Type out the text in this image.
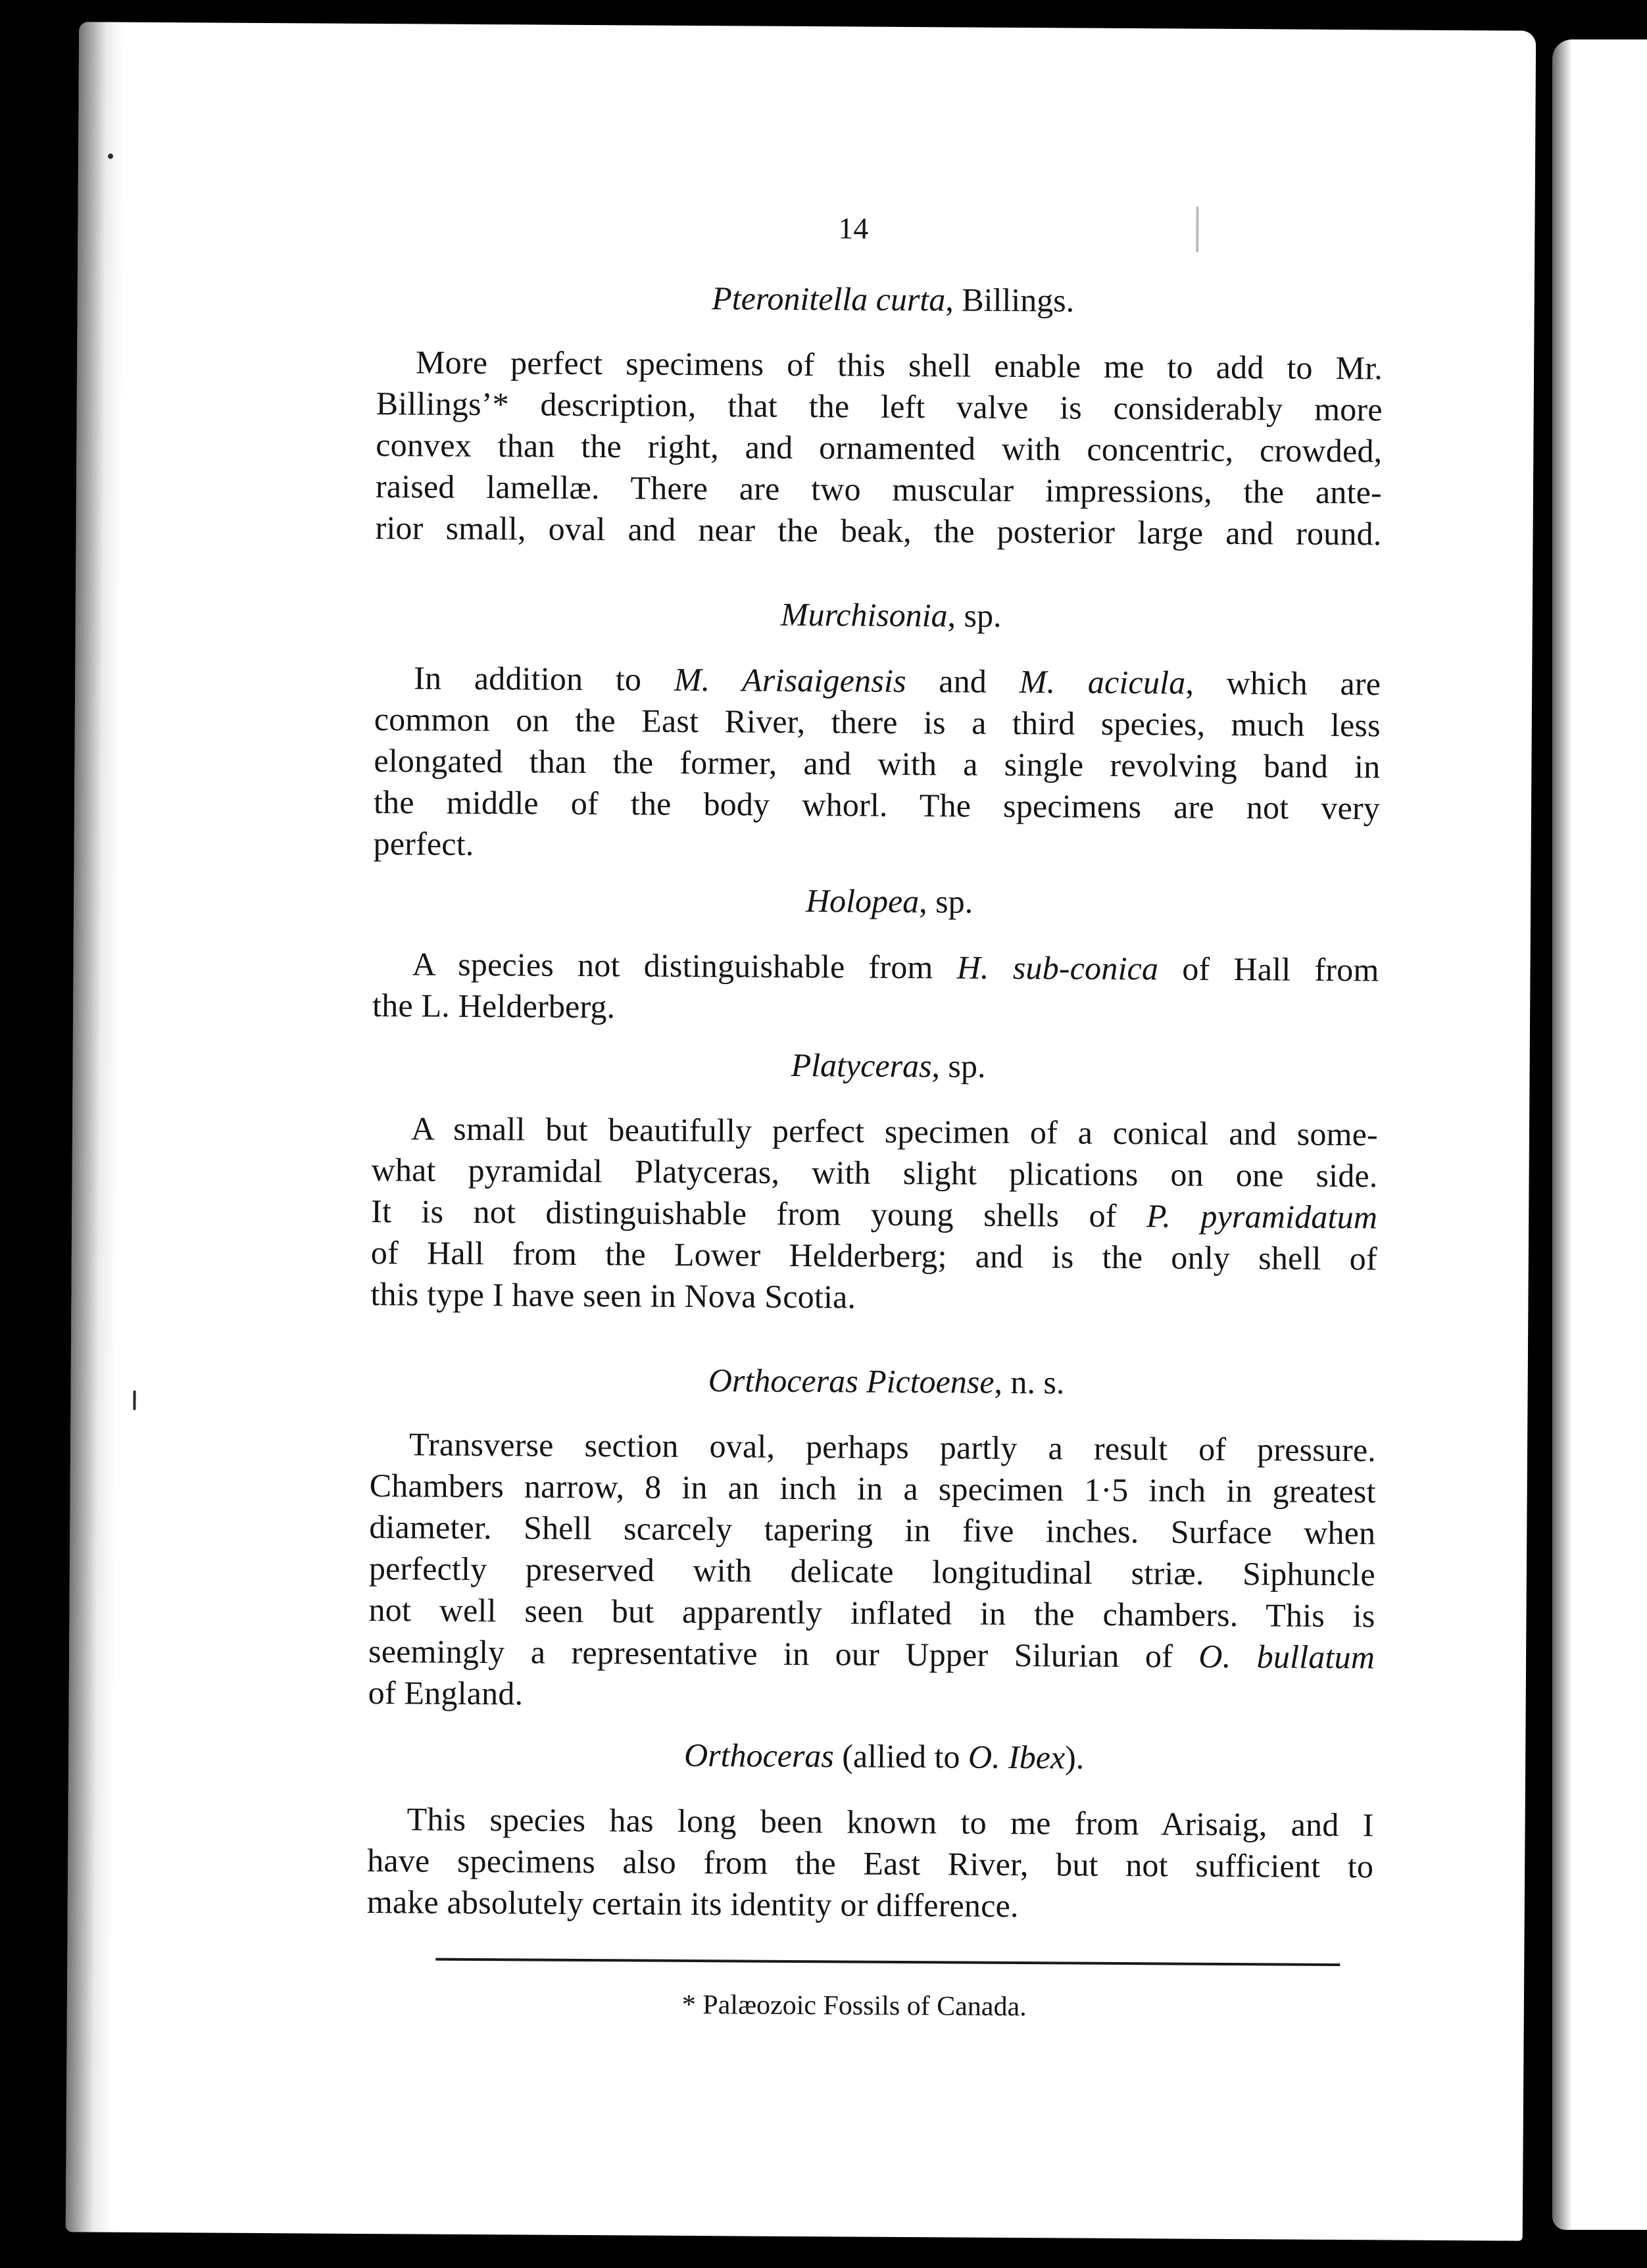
14
Pteronitella curta, Billings.
More perfect specimens of this shell enable me to add to Mr.
Billings’* description, that the left valve is considerably more
convex than the right, and ornamented with concentric, crowded,
raised lamellæ. There are two muscular impressions, the ante-
rior small, oval and near the beak, the posterior large and round.
Murchisonia, sp.
In addition to M. Arisaigensis and M. acicula, which are
common on the East River, there is a third species, much less
elongated than the former, and with a single revolving band in
the middle of the body whorl. The specimens are not very
perfect.
Holopea, sp.
A species not distinguishable from H. sub-conica of Hall from
the L. Helderberg.
Platyceras, sp.
A small but beautifully perfect specimen of a conical and some-
what pyramidal Platyceras, with slight plications on one side.
It is not distinguishable from young shells of P. pyramidatum
of Hall from the Lower Helderberg; and is the only shell of
this type I have seen in Nova Scotia.
Orthoceras Pictoense, n. s.
Transverse section oval, perhaps partly a result of pressure.
Chambers narrow, 8 in an inch in a specimen 1·5 inch in greatest
diameter. Shell scarcely tapering in five inches. Surface when
perfectly preserved with delicate longitudinal striæ. Siphuncle
not well seen but apparently inflated in the chambers. This is
seemingly a representative in our Upper Silurian of O. bullatum
of England.
Orthoceras (allied to O. Ibex).
This species has long been known to me from Arisaig, and I
have specimens also from the East River, but not sufficient to
make absolutely certain its identity or difference.
* Palæozoic Fossils of Canada.
